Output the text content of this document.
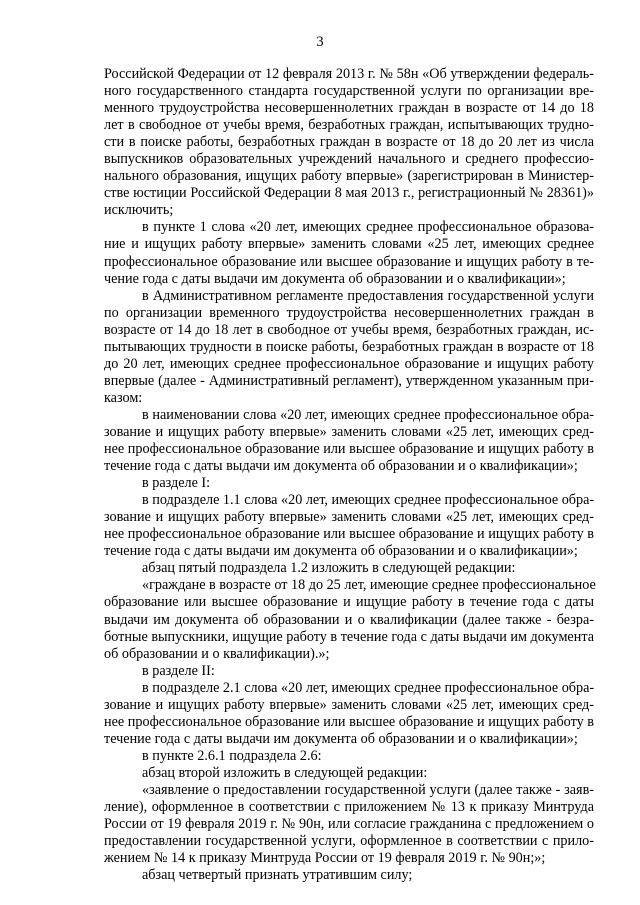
3
Российской Федерации от 12 февраля 2013 г. № 58н «Об утверждении федераль-
ного государственного стандарта государственной услуги по организации вре-
менного трудоустройства несовершеннолетних граждан в возрасте от 14 до 18
лет в свободное от учебы время, безработных граждан, испытывающих трудно-
сти в поиске работы, безработных граждан в возрасте от 18 до 20 лет из числа
выпускников образовательных учреждений начального и среднего профессио-
нального образования, ищущих работу впервые» (зарегистрирован в Министер-
стве юстиции Российской Федерации 8 мая 2013 г., регистрационный № 28361)»
исключить;
в пункте 1 слова «20 лет, имеющих среднее профессиональное образова-
ние и ищущих работу впервые» заменить словами «25 лет, имеющих среднее
профессиональное образование или высшее образование и ищущих работу в те-
чение года с даты выдачи им документа об образовании и о квалификации»;
в Административном регламенте предоставления государственной услуги
по организации временного трудоустройства несовершеннолетних граждан в
возрасте от 14 до 18 лет в свободное от учебы время, безработных граждан, ис-
пытывающих трудности в поиске работы, безработных граждан в возрасте от 18
до 20 лет, имеющих среднее профессиональное образование и ищущих работу
впервые (далее - Административный регламент), утвержденном указанным при-
казом:
в наименовании слова «20 лет, имеющих среднее профессиональное обра-
зование и ищущих работу впервые» заменить словами «25 лет, имеющих сред-
нее профессиональное образование или высшее образование и ищущих работу в
течение года с даты выдачи им документа об образовании и о квалификации»;
в разделе I:
в подразделе 1.1 слова «20 лет, имеющих среднее профессиональное обра-
зование и ищущих работу впервые» заменить словами «25 лет, имеющих сред-
нее профессиональное образование или высшее образование и ищущих работу в
течение года с даты выдачи им документа об образовании и о квалификации»;
абзац пятый подраздела 1.2 изложить в следующей редакции:
«граждане в возрасте от 18 до 25 лет, имеющие среднее профессиональное
образование или высшее образование и ищущие работу в течение года с даты
выдачи им документа об образовании и о квалификации (далее также - безра-
ботные выпускники, ищущие работу в течение года с даты выдачи им документа
об образовании и о квалификации).»;
в разделе II:
в подразделе 2.1 слова «20 лет, имеющих среднее профессиональное обра-
зование и ищущих работу впервые» заменить словами «25 лет, имеющих сред-
нее профессиональное образование или высшее образование и ищущих работу в
течение года с даты выдачи им документа об образовании и о квалификации»;
в пункте 2.6.1 подраздела 2.6:
абзац второй изложить в следующей редакции:
«заявление о предоставлении государственной услуги (далее также - заяв-
ление), оформленное в соответствии с приложением № 13 к приказу Минтруда
России от 19 февраля 2019 г. № 90н, или согласие гражданина с предложением о
предоставлении государственной услуги, оформленное в соответствии с прило-
жением № 14 к приказу Минтруда России от 19 февраля 2019 г. № 90н;»;
абзац четвертый признать утратившим силу;
